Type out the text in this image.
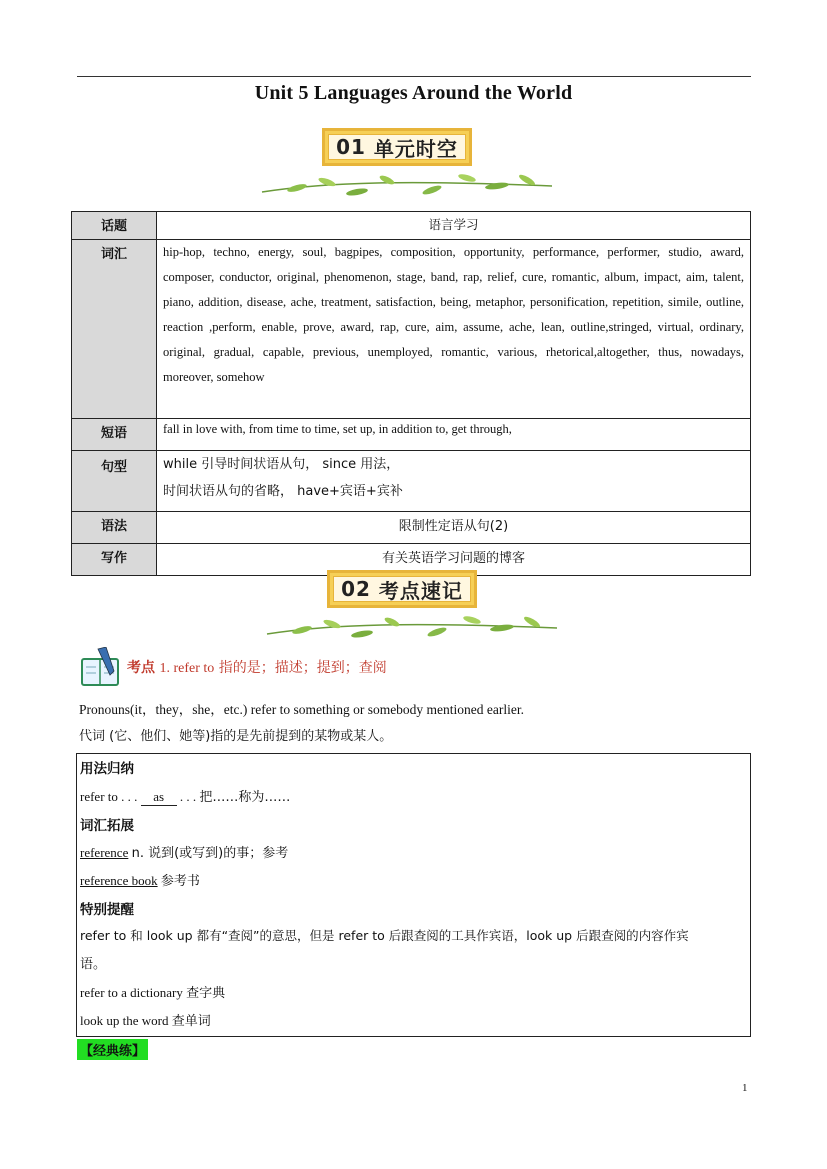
Unit 5 Languages Around the World
01
单元时空
话题	语言学习
词汇	hip-hop, techno, energy, soul, bagpipes, composition, opportunity, performance, performer, studio, award, composer, conductor, original, phenomenon, stage, band, rap, relief, cure, romantic, album, impact, aim, talent, piano, addition, disease, ache, treatment, satisfaction, being, metaphor, personification, repetition, simile, outline, reaction ,perform, enable, prove, award, rap, cure, aim, assume, ache, lean, outline,stringed, virtual, ordinary, original, gradual, capable, previous, unemployed, romantic, various, rhetorical,altogether, thus, nowadays, moreover, somehow
短语	fall in love with, from time to time, set up, in addition to, get through,
句型	while 引导时间状语从句， since 用法，
时间状语从句的省略， have+宾语+宾补

语法	限制性定语从句(2)
写作	有关英语学习问题的博客
02
考点速记
考点 1. refer to 指的是；描述；提到；查阅
Pronouns(it，they，she，etc.) refer to something or somebody mentioned earlier.
代词 (它、他们、她等)指的是先前提到的某物或某人。
用法归纳
refer to . . . as . . . 把……称为……
词汇拓展
reference n. 说到(或写到)的事；参考
reference book 参考书
特别提醒
refer to 和 look up 都有“查阅”的意思，但是 refer to 后跟查阅的工具作宾语，look up 后跟查阅的内容作宾
语。
refer to a dictionary 查字典
look up the word 查单词
【经典练】
1
